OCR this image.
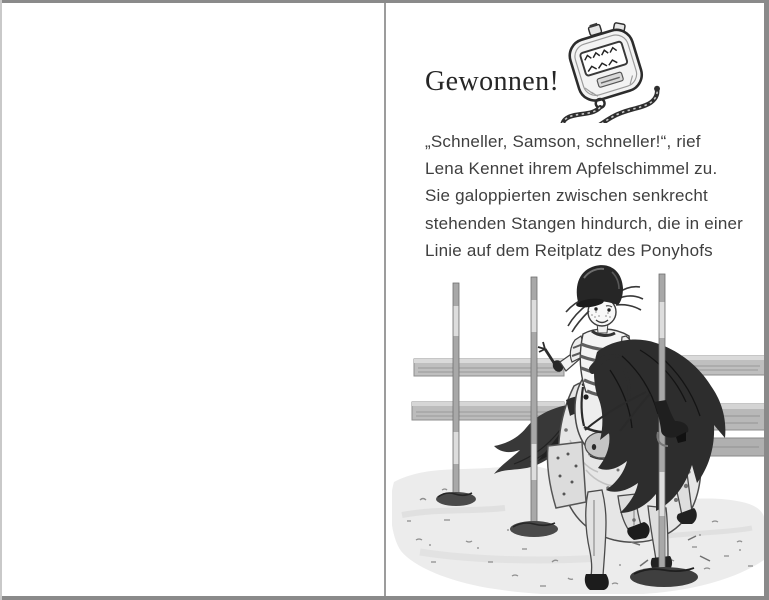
Gewonnen!
„Schneller, Samson, schneller!“, rief
Lena Kennet ihrem Apfelschimmel zu.
Sie galoppierten zwischen senkrecht
stehenden Stangen hindurch, die in einer
Linie auf dem Reitplatz des Ponyhofs
